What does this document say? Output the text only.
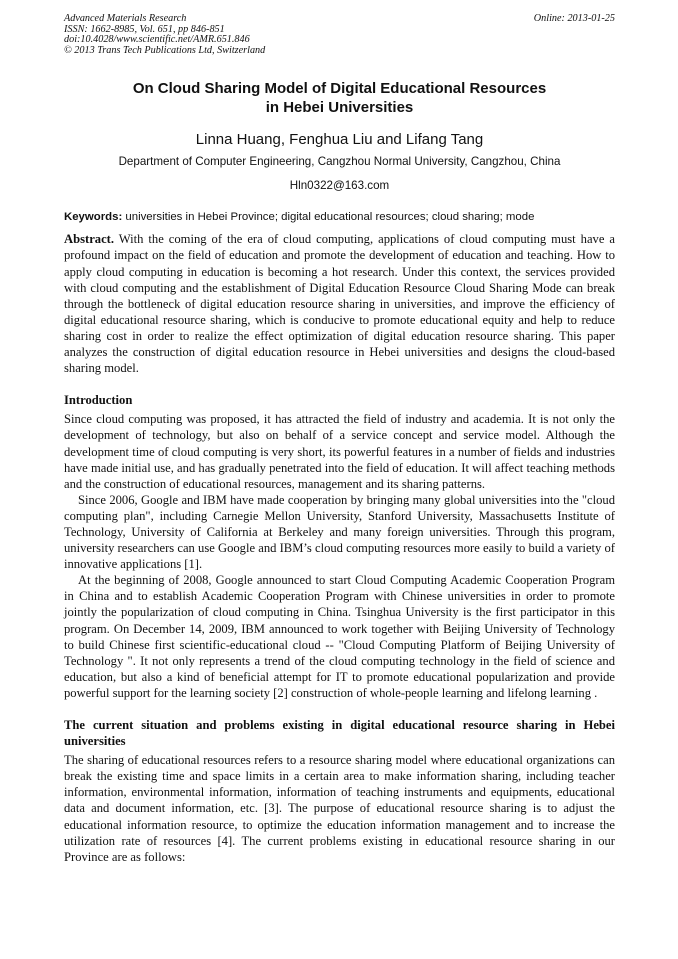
Advanced Materials Research
ISSN: 1662-8985, Vol. 651, pp 846-851
doi:10.4028/www.scientific.net/AMR.651.846
© 2013 Trans Tech Publications Ltd, Switzerland
Online: 2013-01-25
On Cloud Sharing Model of Digital Educational Resources
in Hebei Universities
Linna Huang, Fenghua Liu and Lifang Tang
Department of Computer Engineering, Cangzhou Normal University, Cangzhou, China
Hln0322@163.com
Keywords: universities in Hebei Province; digital educational resources; cloud sharing; mode

Abstract. With the coming of the era of cloud computing, applications of cloud computing must have a profound impact on the field of education and promote the development of education and teaching. How to apply cloud computing in education is becoming a hot research. Under this context, the services provided with cloud computing and the establishment of Digital Education Resource Cloud Sharing Mode can break through the bottleneck of digital education resource sharing in universities, and improve the efficiency of digital educational resource sharing, which is conducive to promote educational equity and help to reduce sharing cost in order to realize the effect optimization of digital education resource sharing. This paper analyzes the construction of digital education resource in Hebei universities and designs the cloud-based sharing model.

Introduction

Since cloud computing was proposed, it has attracted the field of industry and academia. It is not only the development of technology, but also on behalf of a service concept and service model. Although the development time of cloud computing is very short, its powerful features in a number of fields and industries have made initial use, and has gradually penetrated into the field of education. It will affect teaching methods and the construction of educational resources, management and its sharing patterns.

Since 2006, Google and IBM have made cooperation by bringing many global universities into the "cloud computing plan", including Carnegie Mellon University, Stanford University, Massachusetts Institute of Technology, University of California at Berkeley and many foreign universities. Through this program, university researchers can use Google and IBM’s cloud computing resources more easily to build a variety of innovative applications [1].

At the beginning of 2008, Google announced to start Cloud Computing Academic Cooperation Program in China and to establish Academic Cooperation Program with Chinese universities in order to promote jointly the popularization of cloud computing in China. Tsinghua University is the first participator in this program. On December 14, 2009, IBM announced to work together with Beijing University of Technology to build Chinese first scientific-educational cloud -- "Cloud Computing Platform of Beijing University of Technology ". It not only represents a trend of the cloud computing technology in the field of science and education, but also a kind of beneficial attempt for IT to promote educational popularization and provide powerful support for the learning society [2] construction of whole-people learning and lifelong learning .

The current situation and problems existing in digital educational resource sharing in Hebei universities

The sharing of educational resources refers to a resource sharing model where educational organizations can break the existing time and space limits in a certain area to make information sharing, including teacher information, environmental information, information of teaching instruments and equipments, educational data and document information, etc. [3]. The purpose of educational resource sharing is to adjust the educational information resource, to optimize the education information management and to increase the utilization rate of resources [4]. The current problems existing in educational resource sharing in our Province are as follows:
